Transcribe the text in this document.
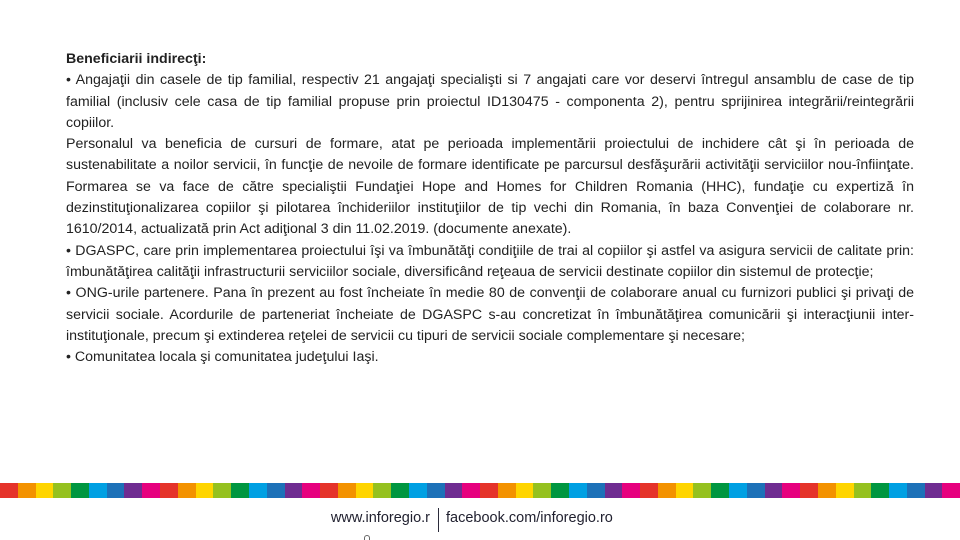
Beneficiarii indirecţi:

• Angajaţii din casele de tip familial, respectiv 21 angajaţi specialişti si 7 angajati care vor deservi întregul ansamblu de case de tip familial (inclusiv cele casa de tip familial propuse prin proiectul ID130475 - componenta 2), pentru sprijinirea integrării/reintegrării copiilor.

Personalul va beneficia de cursuri de formare, atat pe perioada implementării proiectului de inchidere cât şi în perioada de sustenabilitate a noilor servicii, în funcţie de nevoile de formare identificate pe parcursul desfăşurării activităţii serviciilor nou-înfiinţate. Formarea se va face de către specialiştii Fundaţiei Hope and Homes for Children Romania (HHC), fundaţie cu expertiză în dezinstituţionalizarea copiilor şi pilotarea închideriilor instituţiilor de tip vechi din Romania, în baza Convenţiei de colaborare nr. 1610/2014, actualizată prin Act adiţional 3 din 11.02.2019. (documente anexate).

• DGASPC, care prin implementarea proiectului îşi va îmbunătăţi condiţiile de trai al copiilor şi astfel va asigura servicii de calitate prin: îmbunătăţirea calităţii infrastructurii serviciilor sociale, diversificând reţeaua de servicii destinate copiilor din sistemul de protecţie;

• ONG-urile partenere. Pana în prezent au fost încheiate în medie 80 de convenţii de colaborare anual cu furnizori publici şi privaţi de servicii sociale. Acordurile de parteneriat încheiate de DGASPC s-au concretizat în îmbunătăţirea comunicării şi interacţiunii inter-instituţionale, precum şi extinderea reţelei de servicii cu tipuri de servicii sociale complementare şi necesare;

• Comunitatea locala şi comunitatea judeţului Iaşi.

www.inforegio.r facebook.com/inforegio.ro
